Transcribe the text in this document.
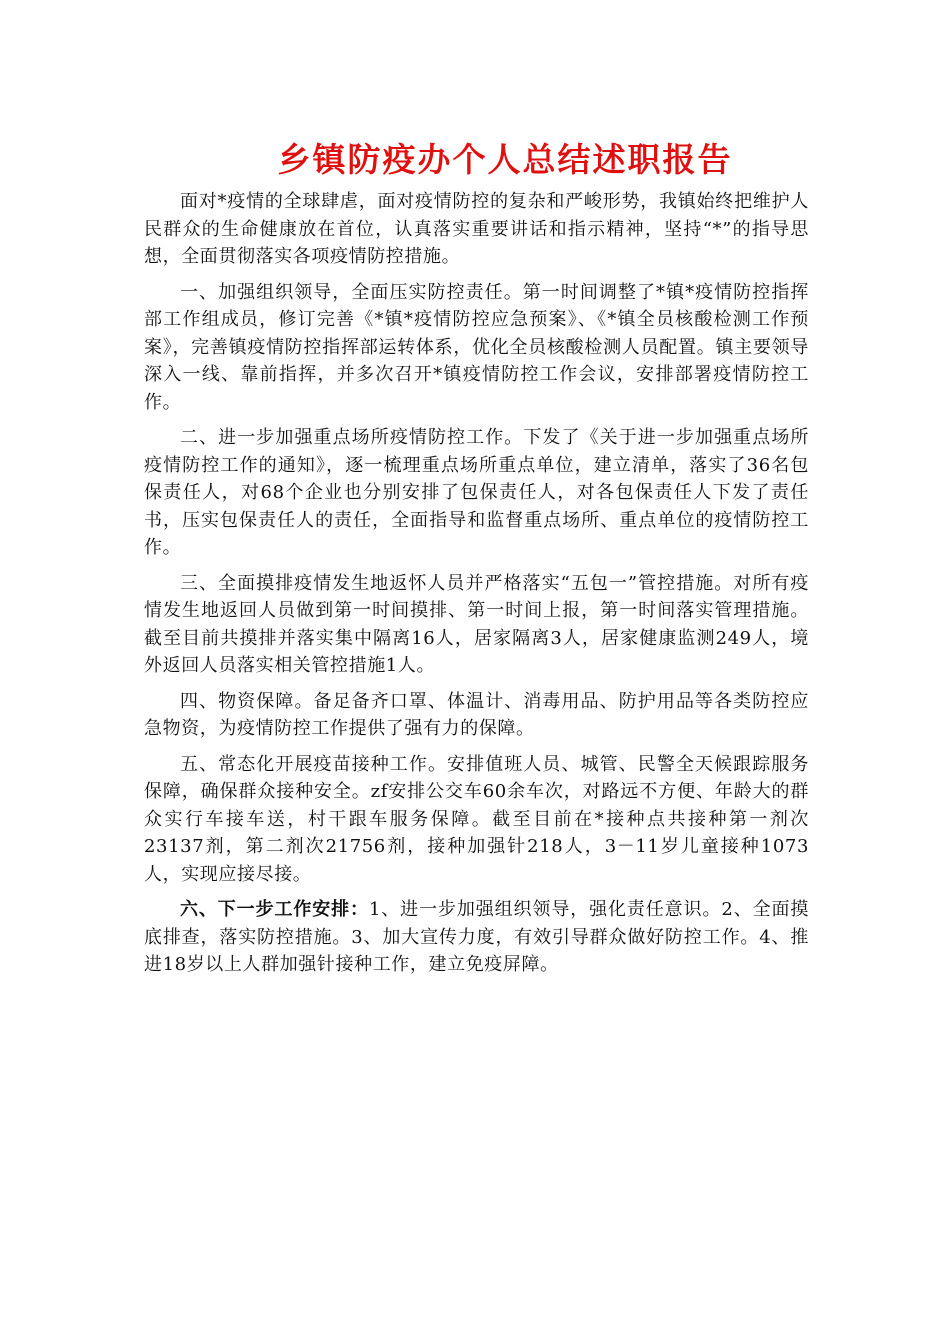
乡镇防疫办个人总结述职报告

面对*疫情的全球肆虐，面对疫情防控的复杂和严峻形势，我镇始终把维护人民群众的生命健康放在首位，认真落实重要讲话和指示精神，坚持“*”的指导思想，全面贯彻落实各项疫情防控措施。

一、加强组织领导，全面压实防控责任。第一时间调整了*镇*疫情防控指挥部工作组成员，修订完善《*镇*疫情防控应急预案》、《*镇全员核酸检测工作预案》，完善镇疫情防控指挥部运转体系，优化全员核酸检测人员配置。镇主要领导深入一线、靠前指挥，并多次召开*镇疫情防控工作会议，安排部署疫情防控工作。

二、进一步加强重点场所疫情防控工作。下发了《关于进一步加强重点场所疫情防控工作的通知》，逐一梳理重点场所重点单位，建立清单，落实了36名包保责任人，对68个企业也分别安排了包保责任人，对各包保责任人下发了责任书，压实包保责任人的责任，全面指导和监督重点场所、重点单位的疫情防控工作。

三、全面摸排疫情发生地返怀人员并严格落实“五包一”管控措施。对所有疫情发生地返回人员做到第一时间摸排、第一时间上报，第一时间落实管理措施。截至目前共摸排并落实集中隔离16人，居家隔离3人，居家健康监测249人，境外返回人员落实相关管控措施1人。

四、物资保障。备足备齐口罩、体温计、消毒用品、防护用品等各类防控应急物资，为疫情防控工作提供了强有力的保障。

五、常态化开展疫苗接种工作。安排值班人员、城管、民警全天候跟踪服务保障，确保群众接种安全。zf安排公交车60余车次，对路远不方便、年龄大的群众实行车接车送，村干跟车服务保障。截至目前在*接种点共接种第一剂次23137剂，第二剂次21756剂，接种加强针218人，3－11岁儿童接种1073人，实现应接尽接。

六、下一步工作安排：1、进一步加强组织领导，强化责任意识。2、全面摸底排查，落实防控措施。3、加大宣传力度，有效引导群众做好防控工作。4、推进18岁以上人群加强针接种工作，建立免疫屏障。
